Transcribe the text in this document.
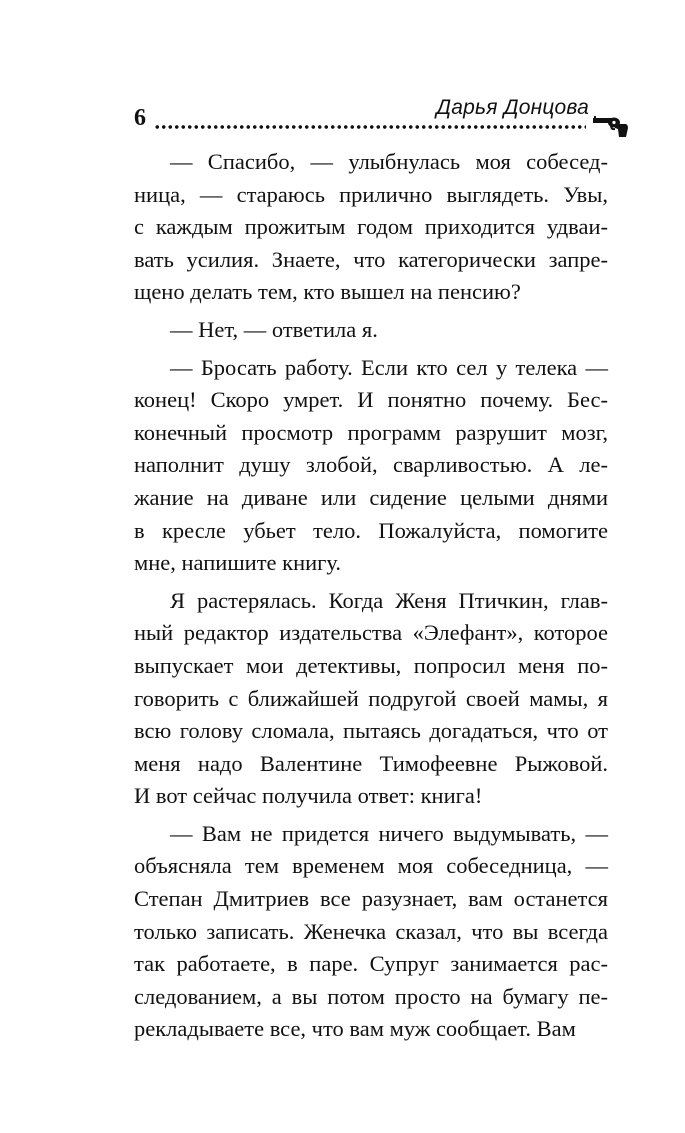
6	Дарья Донцова
— Спасибо, — улыбнулась моя собесед-
ница, — стараюсь прилично выглядеть. Увы,
с каждым прожитым годом приходится удваи-
вать усилия. Знаете, что категорически запре-
щено делать тем, кто вышел на пенсию?
— Нет, — ответила я.
— Бросать работу. Если кто сел у телека —
конец! Скоро умрет. И понятно почему. Бес-
конечный просмотр программ разрушит мозг,
наполнит душу злобой, сварливостью. А ле-
жание на диване или сидение целыми днями
в кресле убьет тело. Пожалуйста, помогите
мне, напишите книгу.
Я растерялась. Когда Женя Птичкин, глав-
ный редактор издательства «Элефант», которое
выпускает мои детективы, попросил меня по-
говорить с ближайшей подругой своей мамы, я
всю голову сломала, пытаясь догадаться, что от
меня надо Валентине Тимофеевне Рыжовой.
И вот сейчас получила ответ: книга!
— Вам не придется ничего выдумывать, —
объясняла тем временем моя собеседница, —
Степан Дмитриев все разузнает, вам останется
только записать. Женечка сказал, что вы всегда
так работаете, в паре. Супруг занимается рас-
следованием, а вы потом просто на бумагу пе-
рекладываете все, что вам муж сообщает. Вам
